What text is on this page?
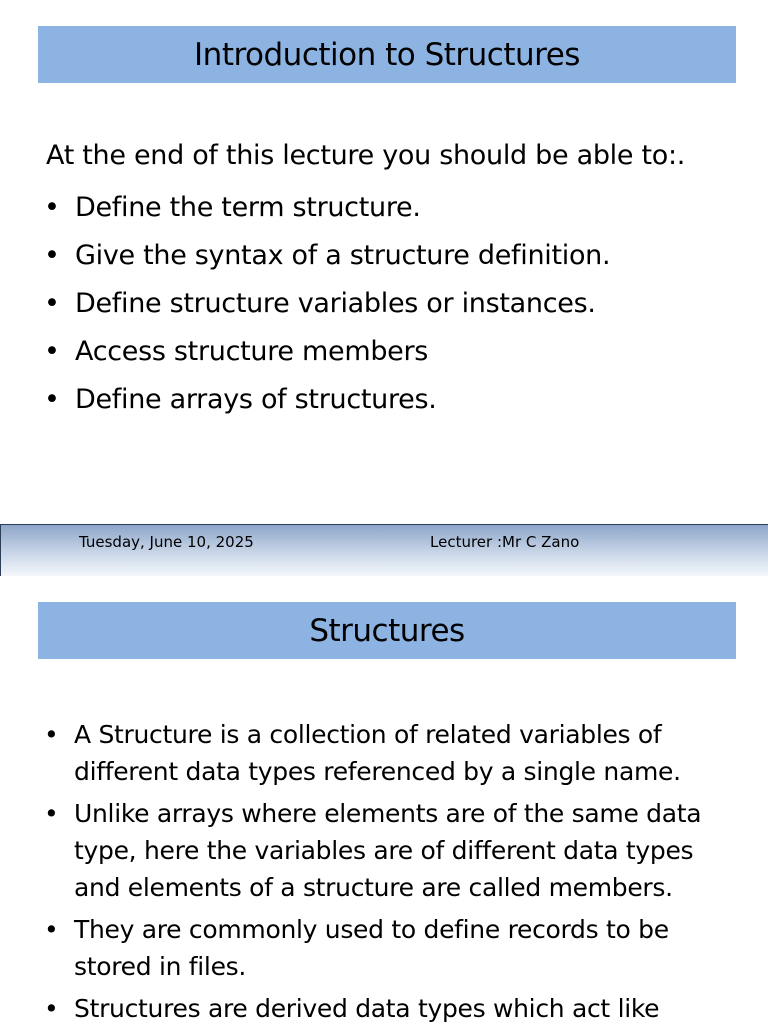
Introduction to Structures
At the end of this lecture you should be able to:.
• Define the term structure.
• Give the syntax of a structure definition.
• Define structure variables or instances.
• Access structure members
• Define arrays of structures.
Tuesday, June 10, 2025	Lecturer :Mr C Zano
Structures
• A Structure is a collection of related variables of different data types referenced by a single name.
• Unlike arrays where elements are of the same data type, here the variables are of different data types and elements of a structure are called members.
• They are commonly used to define records to be stored in files.
• Structures are derived data types which act like
